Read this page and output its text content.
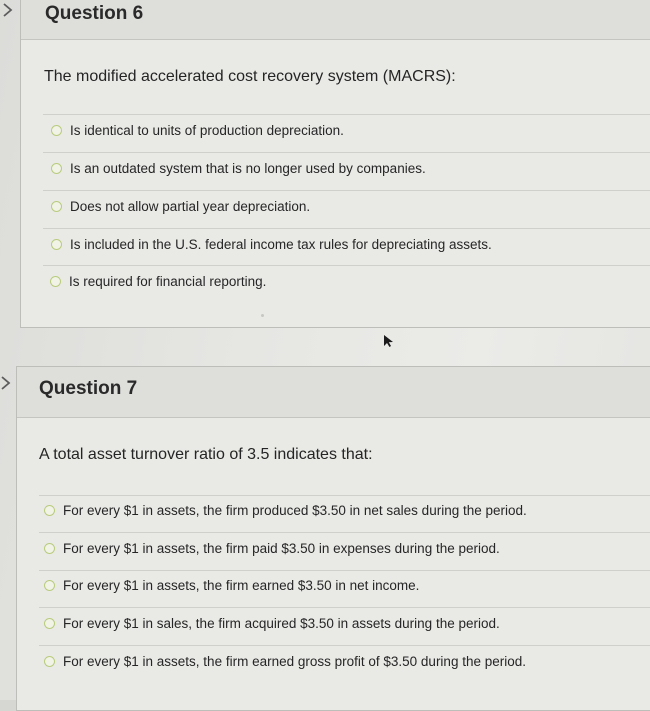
Question 6
The modified accelerated cost recovery system (MACRS):
Is identical to units of production depreciation.
Is an outdated system that is no longer used by companies.
Does not allow partial year depreciation.
Is included in the U.S. federal income tax rules for depreciating assets.
Is required for financial reporting.
Question 7
A total asset turnover ratio of 3.5 indicates that:
For every $1 in assets, the firm produced $3.50 in net sales during the period.
For every $1 in assets, the firm paid $3.50 in expenses during the period.
For every $1 in assets, the firm earned $3.50 in net income.
For every $1 in sales, the firm acquired $3.50 in assets during the period.
For every $1 in assets, the firm earned gross profit of $3.50 during the period.
